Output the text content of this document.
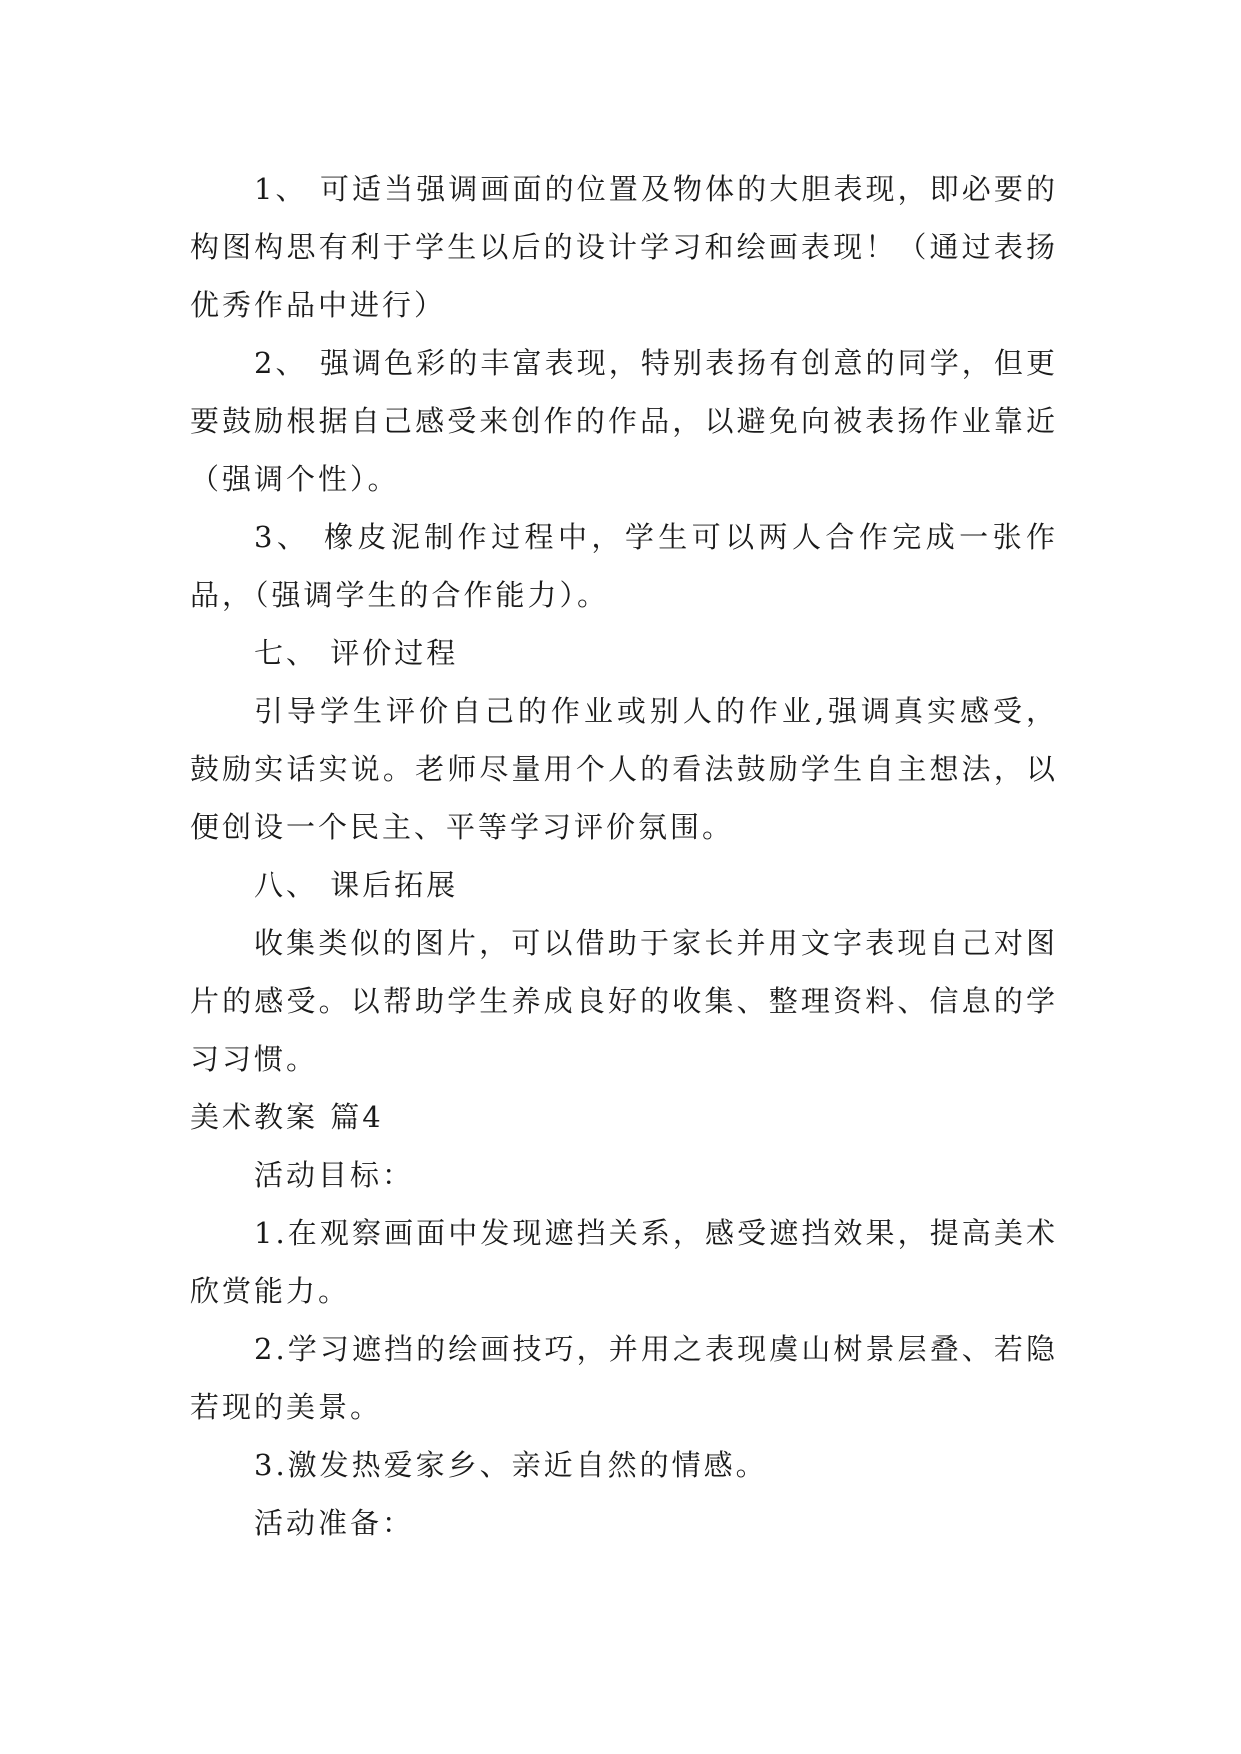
1、 可适当强调画面的位置及物体的大胆表现，即必要的构图构思有利于学生以后的设计学习和绘画表现！（通过表扬优秀作品中进行）

2、 强调色彩的丰富表现，特别表扬有创意的同学，但更要鼓励根据自己感受来创作的作品，以避免向被表扬作业靠近（强调个性）。

3、 橡皮泥制作过程中，学生可以两人合作完成一张作品，（强调学生的合作能力）。

七、 评价过程

引导学生评价自己的作业或别人的作业,强调真实感受，鼓励实话实说。老师尽量用个人的看法鼓励学生自主想法，以便创设一个民主、平等学习评价氛围。

八、 课后拓展

收集类似的图片，可以借助于家长并用文字表现自己对图片的感受。以帮助学生养成良好的收集、整理资料、信息的学习习惯。

美术教案 篇4

活动目标：

1.在观察画面中发现遮挡关系，感受遮挡效果，提高美术欣赏能力。

2.学习遮挡的绘画技巧，并用之表现虞山树景层叠、若隐若现的美景。

3.激发热爱家乡、亲近自然的情感。

活动准备：
